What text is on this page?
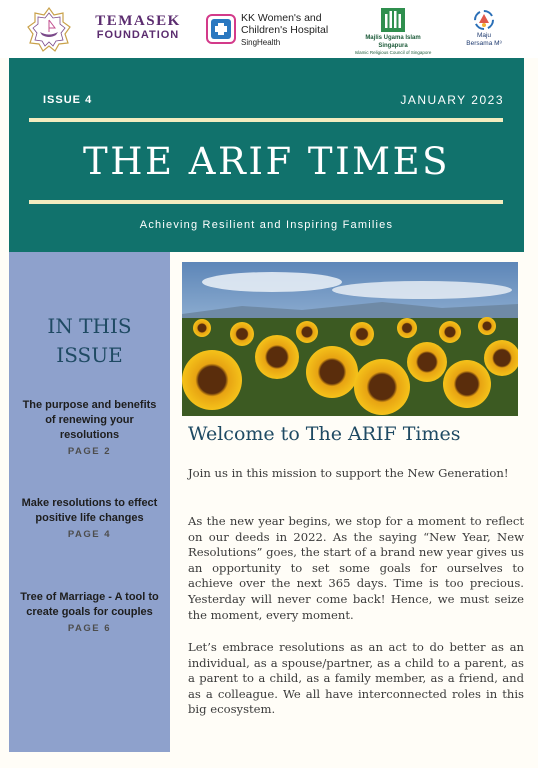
TEMASEK
FOUNDATION
KK Women's and
Children's Hospital
SingHealth	Majlis Ugama Islam Singapura
Islamic Religious Council of Singapore
Maju
Bersama M³
ISSUE 4	JANUARY 2023
THE ARIF TIMES
Achieving Resilient and Inspiring Families
IN THIS
ISSUE
The purpose and benefits of renewing your resolutions
PAGE 2
Make resolutions to effect positive life changes
PAGE 4
Tree of Marriage - A tool to create goals for couples
PAGE 6
Welcome to The ARIF Times

Join us in this mission to support the New Generation!

As the new year begins, we stop for a moment to reflect on our deeds in 2022. As the saying “New Year, New Resolutions” goes, the start of a brand new year gives us an opportunity to set some goals for ourselves to achieve over the next 365 days. Time is too precious. Yesterday will never come back! Hence, we must seize the moment, every moment.

Let’s embrace resolutions as an act to do better as an individual, as a spouse/partner, as a child to a parent, as a parent to a child, as a family member, as a friend, and as a colleague. We all have interconnected roles in this big ecosystem.
